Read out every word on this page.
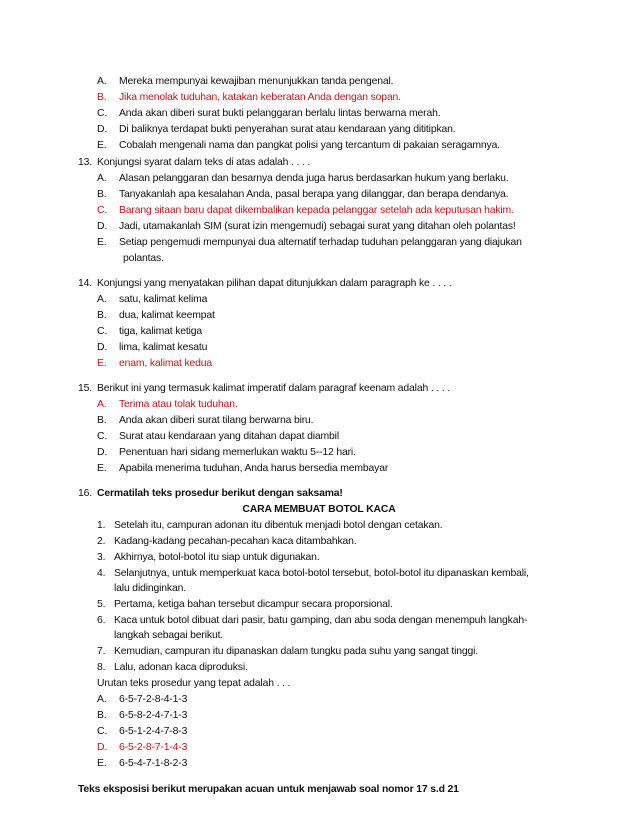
A. Mereka mempunyai kewajiban menunjukkan tanda pengenal.
B. Jika menolak tuduhan, katakan keberatan Anda dengan sopan.
C. Anda akan diberi surat bukti pelanggaran berlalu lintas berwarna merah.
D. Di baliknya terdapat bukti penyerahan surat atau kendaraan yang dititipkan.
E. Cobalah mengenali nama dan pangkat polisi yang tercantum di pakaian seragamnya.
13. Konjungsi syarat dalam teks di atas adalah . . . .
A. Alasan pelanggaran dan besarnya denda juga harus berdasarkan hukum yang berlaku.
B. Tanyakanlah apa kesalahan Anda, pasal berapa yang dilanggar, dan berapa dendanya.
C. Barang sitaan baru dapat dikembalikan kepada pelanggar setelah ada keputusan hakim.
D. Jadi, utamakanlah SIM (surat izin mengemudi) sebagai surat yang ditahan oleh polantas!
E. Setiap pengemudi mempunyai dua alternatif terhadap tuduhan pelanggaran yang diajukan
polantas.
14. Konjungsi yang menyatakan pilihan dapat ditunjukkan dalam paragraph ke . . . .
A. satu, kalimat kelima
B. dua, kalimat keempat
C. tiga, kalimat ketiga
D. lima, kalimat kesatu
E. enam, kalimat kedua
15. Berikut ini yang termasuk kalimat imperatif dalam paragraf keenam adalah . . . .
A. Terima atau tolak tuduhan.
B. Anda akan diberi surat tilang berwarna biru.
C. Surat atau kendaraan yang ditahan dapat diambil
D. Penentuan hari sidang memerlukan waktu 5--12 hari.
E. Apabila menerima tuduhan, Anda harus bersedia membayar
16. Cermatilah teks prosedur berikut dengan saksama!
CARA MEMBUAT BOTOL KACA
1. Setelah itu, campuran adonan itu dibentuk menjadi botol dengan cetakan.
2. Kadang-kadang pecahan-pecahan kaca ditambahkan.
3. Akhirnya, botol-botol itu siap untuk digunakan.
4. Selanjutnya, untuk memperkuat kaca botol-botol tersebut, botol-botol itu dipanaskan kembali,
lalu didinginkan.
5. Pertama, ketiga bahan tersebut dicampur secara proporsional.
6. Kaca untuk botol dibuat dari pasir, batu gamping, dan abu soda dengan menempuh langkah-
langkah sebagai berikut.
7. Kemudian, campuran itu dipanaskan dalam tungku pada suhu yang sangat tinggi.
8. Lalu, adonan kaca diproduksi.
Urutan teks prosedur yang tepat adalah . . .
A. 6-5-7-2-8-4-1-3
B. 6-5-8-2-4-7-1-3
C. 6-5-1-2-4-7-8-3
D. 6-5-2-8-7-1-4-3
E. 6-5-4-7-1-8-2-3
Teks eksposisi berikut merupakan acuan untuk menjawab soal nomor 17 s.d 21
